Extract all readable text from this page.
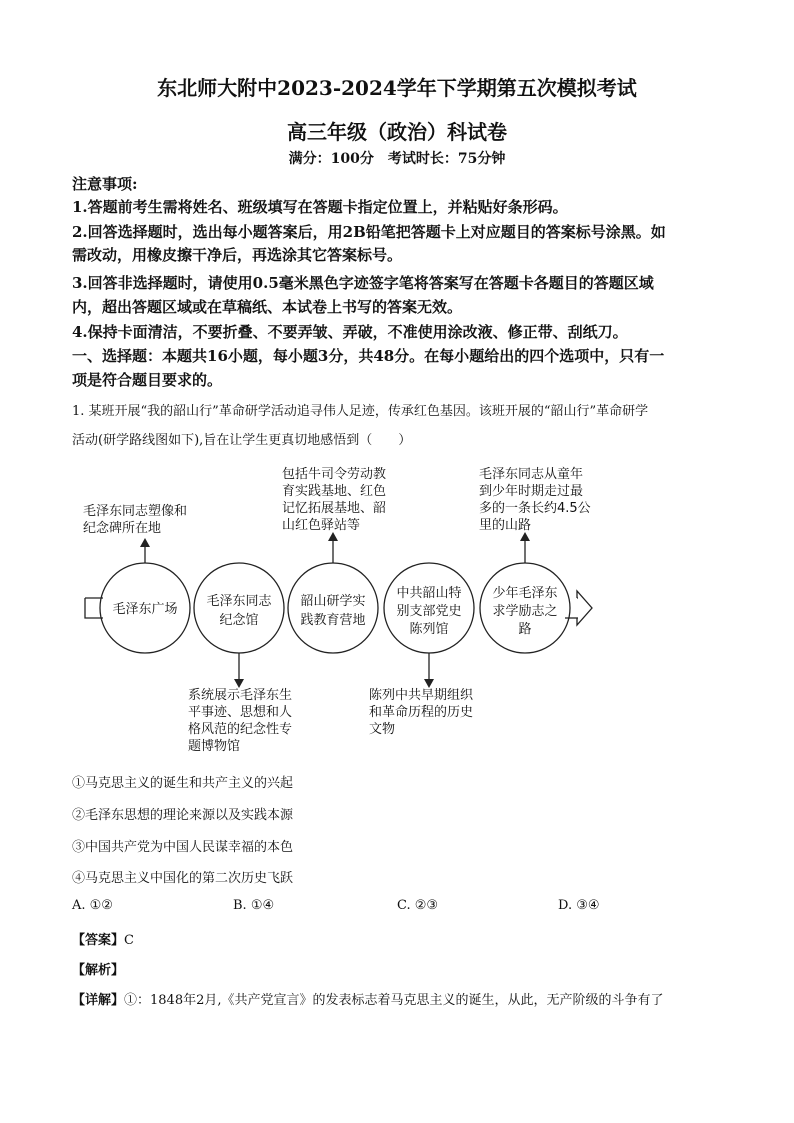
东北师大附中2023-2024学年下学期第五次模拟考试
高三年级（政治）科试卷
满分：100分　考试时长：75分钟
注意事项:
1.答题前考生需将姓名、班级填写在答题卡指定位置上，并粘贴好条形码。
2.回答选择题时，选出每小题答案后，用2B铅笔把答题卡上对应题目的答案标号涂黑。如
需改动，用橡皮擦干净后，再选涂其它答案标号。
3.回答非选择题时，请使用0.5毫米黑色字迹签字笔将答案写在答题卡各题目的答题区域
内，超出答题区域或在草稿纸、本试卷上书写的答案无效。
4.保持卡面清洁，不要折叠、不要弄皱、弄破，不准使用涂改液、修正带、刮纸刀。
一、选择题：本题共16小题，每小题3分，共48分。在每小题给出的四个选项中，只有一
项是符合题目要求的。
1. 某班开展“我的韶山行”革命研学活动追寻伟人足迹，传承红色基因。该班开展的“韶山行”革命研学
活动(研学路线图如下),旨在让学生更真切地感悟到（　　）
毛泽东广场
毛泽东同志
纪念馆
韶山研学实
践教育营地
中共韶山特
别支部党史
陈列馆
少年毛泽东
求学励志之
路
毛泽东同志塑像和
纪念碑所在地
系统展示毛泽东生
平事迹、思想和人
格风范的纪念性专
题博物馆
包括牛司令劳动教
育实践基地、红色
记忆拓展基地、韶
山红色驿站等
陈列中共早期组织
和革命历程的历史
文物
毛泽东同志从童年
到少年时期走过最
多的一条长约4.5公
里的山路
①马克思主义的诞生和共产主义的兴起
②毛泽东思想的理论来源以及实践本源
③中国共产党为中国人民谋幸福的本色
④马克思主义中国化的第二次历史飞跃
A. ①②	B. ①④	C. ②③	D. ③④
【答案】C
【解析】
【详解】①：1848年2月,《共产党宣言》的发表标志着马克思主义的诞生，从此，无产阶级的斗争有了
